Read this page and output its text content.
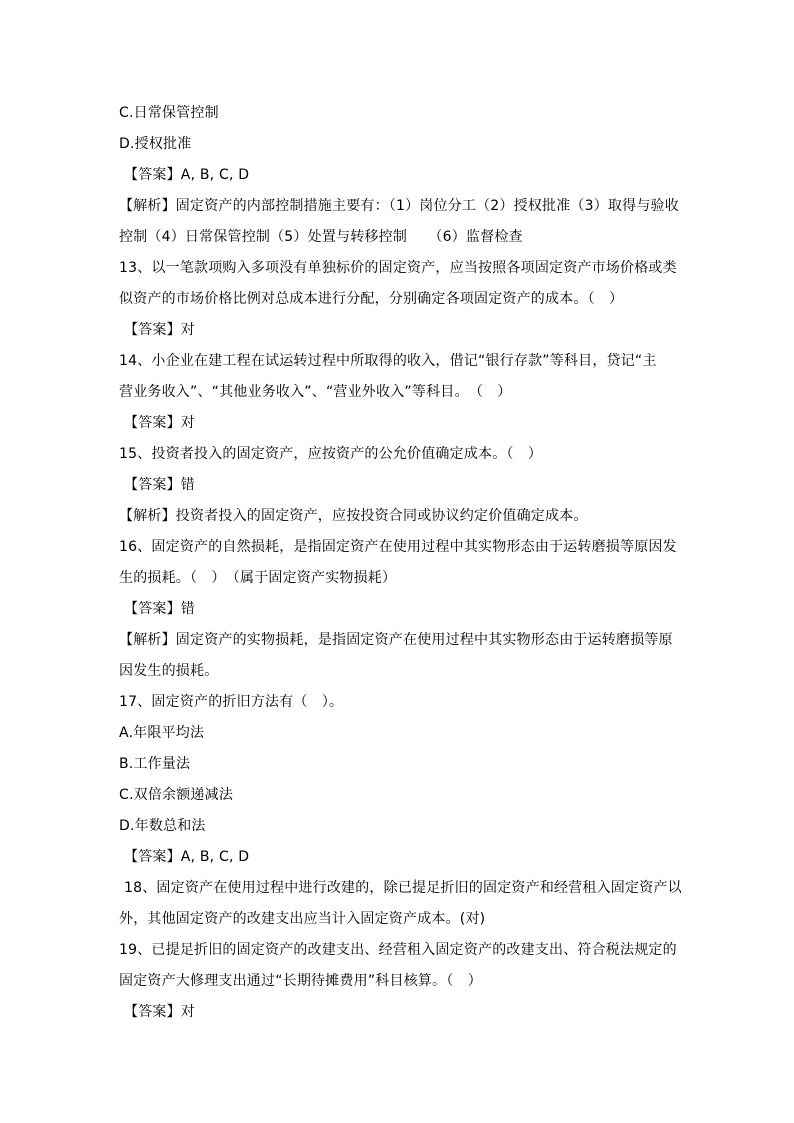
C.日常保管控制
D.授权批准
【答案】A, B, C, D
【解析】固定资产的内部控制措施主要有：（1）岗位分工（2）授权批准（3）取得与验收
控制（4）日常保管控制（5）处置与转移控制　　（6）监督检查
13、以一笔款项购入多项没有单独标价的固定资产，应当按照各项固定资产市场价格或类
似资产的市场价格比例对总成本进行分配，分别确定各项固定资产的成本。（　）
【答案】对
14、小企业在建工程在试运转过程中所取得的收入，借记“银行存款”等科目，贷记“主
营业务收入”、“其他业务收入”、“营业外收入”等科目。　（　）
【答案】对
15、投资者投入的固定资产，应按资产的公允价值确定成本。（　）
【答案】错
【解析】投资者投入的固定资产，应按投资合同或协议约定价值确定成本。
16、固定资产的自然损耗，是指固定资产在使用过程中其实物形态由于运转磨损等原因发
生的损耗。（　）　（属于固定资产实物损耗）
【答案】错
【解析】固定资产的实物损耗，是指固定资产在使用过程中其实物形态由于运转磨损等原
因发生的损耗。
17、固定资产的折旧方法有（　）。
A.年限平均法
B.工作量法
C.双倍余额递减法
D.年数总和法
【答案】A, B, C, D
18、固定资产在使用过程中进行改建的，除已提足折旧的固定资产和经营租入固定资产以
外，其他固定资产的改建支出应当计入固定资产成本。(对)
19、已提足折旧的固定资产的改建支出、经营租入固定资产的改建支出、符合税法规定的
固定资产大修理支出通过“长期待摊费用”科目核算。（　）
【答案】对
